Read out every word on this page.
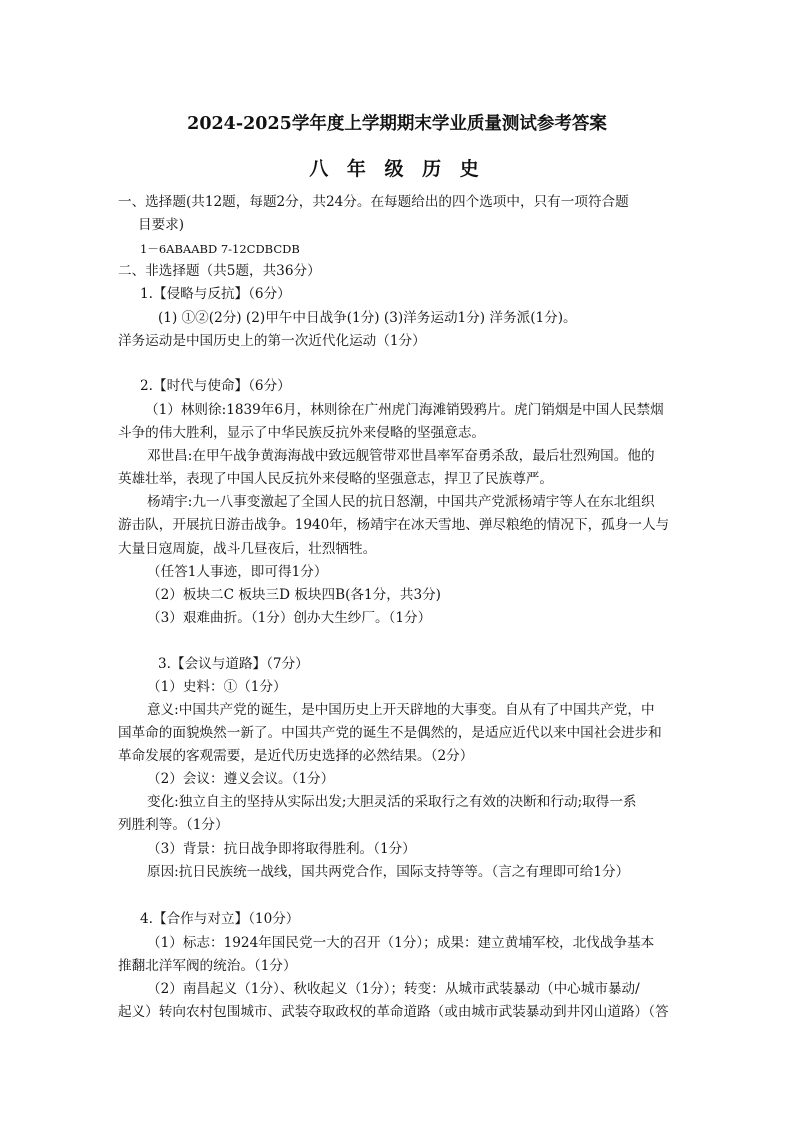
2024-2025学年度上学期期末学业质量测试参考答案
八 年 级 历 史
一、选择题(共12题，每题2分，共24分。在每题给出的四个选项中，只有一项符合题
目要求)
1－6ABAABD 7-12CDBCDB
二、非选择题（共5题，共36分）
1.【侵略与反抗】（6分）
(1) ①②(2分) (2)甲午中日战争(1分) (3)洋务运动1分) 洋务派(1分)。
洋务运动是中国历史上的第一次近代化运动（1分）
2.【时代与使命】（6分）
（1）林则徐:1839年6月，林则徐在广州虎门海滩销毁鸦片。虎门销烟是中国人民禁烟
斗争的伟大胜利，显示了中华民族反抗外来侵略的坚强意志。
邓世昌:在甲午战争黄海海战中致远舰管带邓世昌率军奋勇杀敌，最后壮烈殉国。他的
英雄壮举，表现了中国人民反抗外来侵略的坚强意志，捍卫了民族尊严。
杨靖宇:九一八事变激起了全国人民的抗日怒潮，中国共产党派杨靖宇等人在东北组织
游击队，开展抗日游击战争。1940年，杨靖宇在冰天雪地、弹尽粮绝的情况下，孤身一人与
大量日寇周旋，战斗几昼夜后，壮烈牺牲。
（任答1人事迹，即可得1分）
（2）板块二C 板块三D 板块四B(各1分，共3分)
（3）艰难曲折。（1分）创办大生纱厂。（1分）
3.【会议与道路】（7分）
（1）史料：①（1分）
意义:中国共产党的诞生，是中国历史上开天辟地的大事变。自从有了中国共产党，中
国革命的面貌焕然一新了。中国共产党的诞生不是偶然的，是适应近代以来中国社会进步和
革命发展的客观需要，是近代历史选择的必然结果。（2分）
（2）会议：遵义会议。（1分）
变化:独立自主的坚持从实际出发;大胆灵活的采取行之有效的决断和行动;取得一系
列胜利等。（1分）
（3）背景：抗日战争即将取得胜利。（1分）
原因:抗日民族统一战线，国共两党合作，国际支持等等。（言之有理即可给1分）
4.【合作与对立】（10分）
（1）标志：1924年国民党一大的召开（1分）；成果：建立黄埔军校，北伐战争基本
推翻北洋军阀的统治。（1分）
（2）南昌起义（1分）、秋收起义（1分）；转变：从城市武装暴动（中心城市暴动/
起义）转向农村包围城市、武装夺取政权的革命道路（或由城市武装暴动到井冈山道路）（答
